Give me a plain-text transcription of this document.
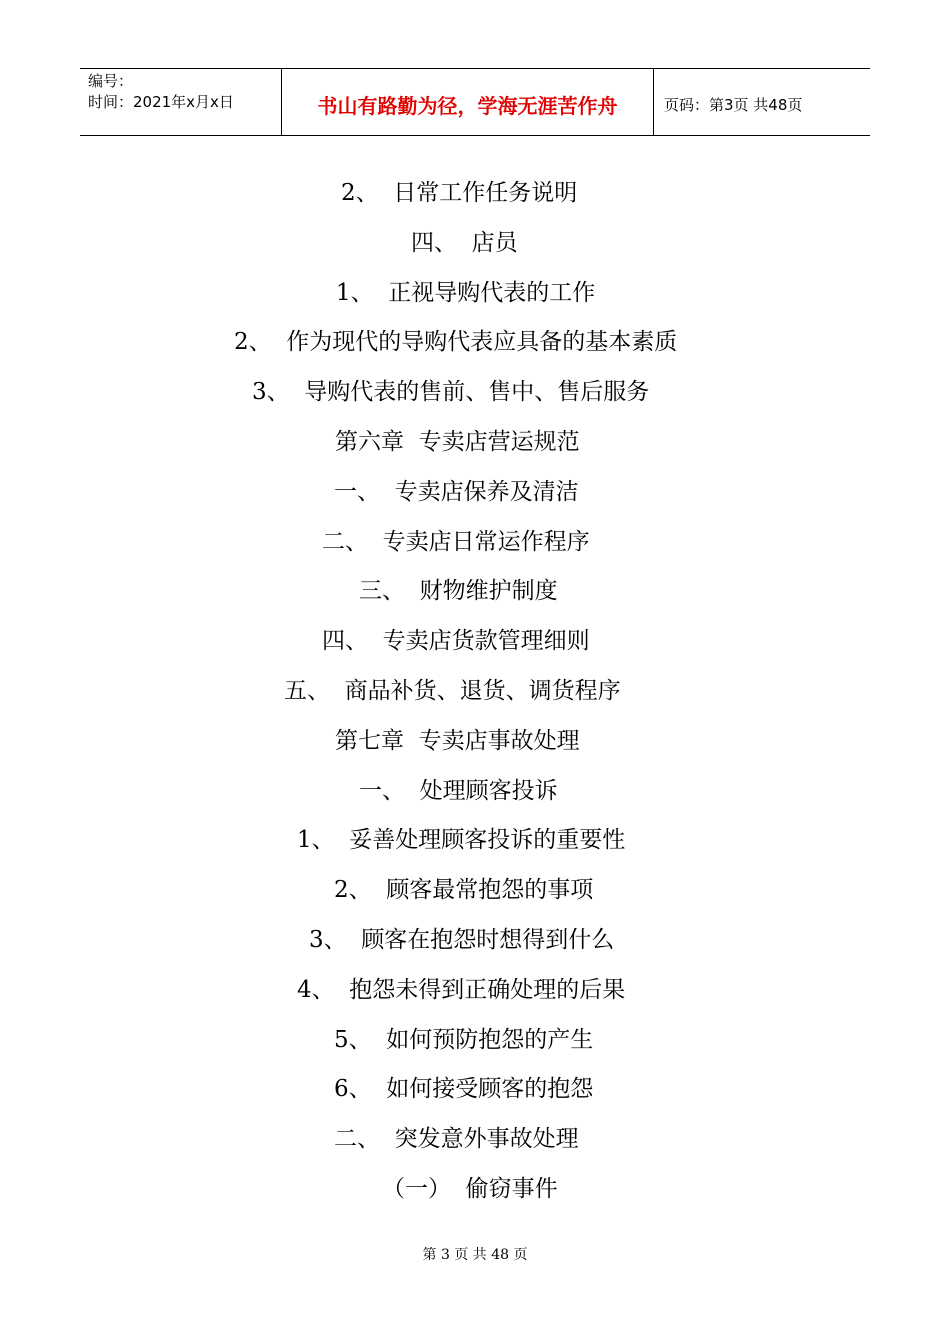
编号：
时间：2021年x月x日	书山有路勤为径，学海无涯苦作舟	页码：第3页 共48页
2、  日常工作任务说明
四、  店员
1、  正视导购代表的工作
2、  作为现代的导购代表应具备的基本素质
3、  导购代表的售前、售中、售后服务
第六章  专卖店营运规范
一、  专卖店保养及清洁
二、  专卖店日常运作程序
三、  财物维护制度
四、  专卖店货款管理细则
五、  商品补货、退货、调货程序
第七章  专卖店事故处理
一、  处理顾客投诉
1、  妥善处理顾客投诉的重要性
2、  顾客最常抱怨的事项
3、  顾客在抱怨时想得到什么
4、  抱怨未得到正确处理的后果
5、  如何预防抱怨的产生
6、  如何接受顾客的抱怨
二、  突发意外事故处理
（一）  偷窃事件
第 3 页 共 48 页
